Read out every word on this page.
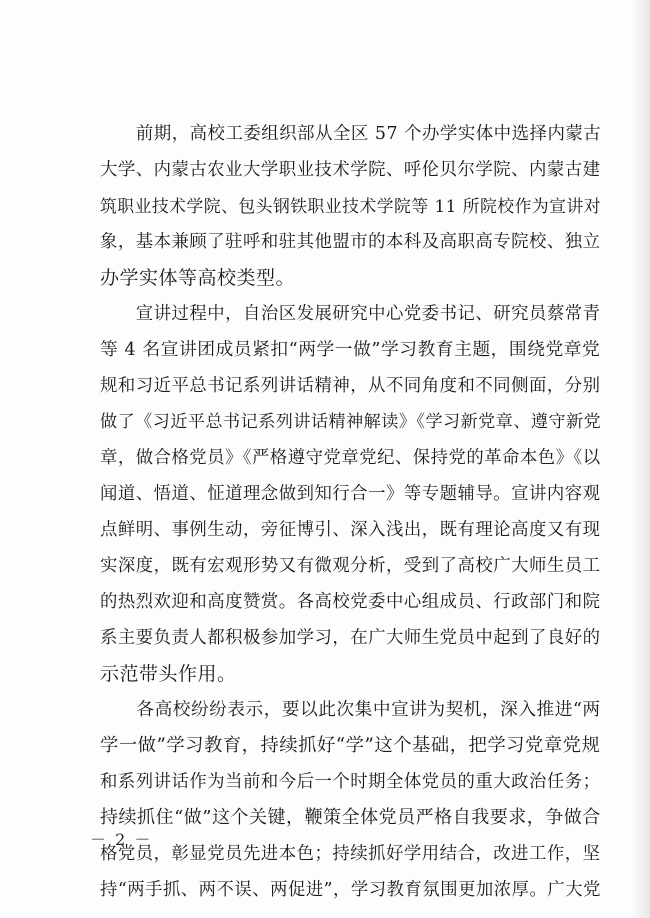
　　前期，高校工委组织部从全区 57 个办学实体中选择内蒙古
大学、内蒙古农业大学职业技术学院、呼伦贝尔学院、内蒙古建
筑职业技术学院、包头钢铁职业技术学院等 11 所院校作为宣讲对
象，基本兼顾了驻呼和驻其他盟市的本科及高职高专院校、独立
办学实体等高校类型。
　　宣讲过程中，自治区发展研究中心党委书记、研究员蔡常青
等 4 名宣讲团成员紧扣“两学一做”学习教育主题，围绕党章党
规和习近平总书记系列讲话精神，从不同角度和不同侧面，分别
做了《习近平总书记系列讲话精神解读》《学习新党章、遵守新党
章，做合格党员》《严格遵守党章党纪、保持党的革命本色》《以
闻道、悟道、怔道理念做到知行合一》等专题辅导。宣讲内容观
点鲜明、事例生动，旁征博引、深入浅出，既有理论高度又有现
实深度，既有宏观形势又有微观分析，受到了高校广大师生员工
的热烈欢迎和高度赞赏。各高校党委中心组成员、行政部门和院
系主要负责人都积极参加学习，在广大师生党员中起到了良好的
示范带头作用。
　　各高校纷纷表示，要以此次集中宣讲为契机，深入推进“两
学一做”学习教育，持续抓好“学”这个基础，把学习党章党规
和系列讲话作为当前和今后一个时期全体党员的重大政治任务；
持续抓住“做”这个关键，鞭策全体党员严格自我要求，争做合
格党员，彰显党员先进本色；持续抓好学用结合，改进工作，坚
持“两手抓、两不误、两促进”，学习教育氛围更加浓厚。广大党
－ 2 －
